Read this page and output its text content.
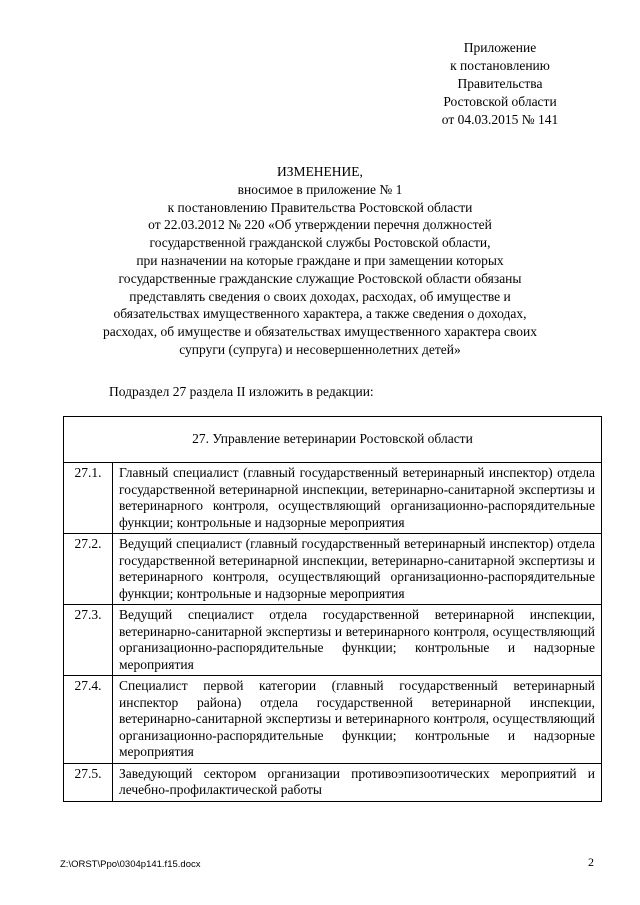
Приложение
к постановлению
Правительства
Ростовской области
от 04.03.2015 № 141
ИЗМЕНЕНИЕ,
вносимое в приложение № 1
к постановлению Правительства Ростовской области
от 22.03.2012 № 220 «Об утверждении перечня должностей
государственной гражданской службы Ростовской области,
при назначении на которые граждане и при замещении которых
государственные гражданские служащие Ростовской области обязаны
представлять сведения о своих доходах, расходах, об имуществе и
обязательствах имущественного характера, а также сведения о доходах,
расходах, об имуществе и обязательствах имущественного характера своих
супруги (супруга) и несовершеннолетних детей»
Подраздел 27 раздела II изложить в редакции:
27. Управление ветеринарии Ростовской области	
27.1.	Главный специалист (главный государственный ветеринарный инспектор) отдела государственной ветеринарной инспекции, ветеринарно-санитарной экспертизы и ветеринарного контроля, осуществляющий организационно-распорядительные функции; контрольные и надзорные мероприятия
27.2.	Ведущий специалист (главный государственный ветеринарный инспектор) отдела государственной ветеринарной инспекции, ветеринарно-санитарной экспертизы и ветеринарного контроля, осуществляющий организационно-распорядительные функции; контрольные и надзорные мероприятия
27.3.	Ведущий специалист отдела государственной ветеринарной инспекции, ветеринарно-санитарной экспертизы и ветеринарного контроля, осуществляющий организационно-распорядительные функции; контрольные и надзорные мероприятия
27.4.	Специалист первой категории (главный государственный ветеринарный инспектор района) отдела государственной ветеринарной инспекции, ветеринарно-санитарной экспертизы и ветеринарного контроля, осуществляющий организационно-распорядительные функции; контрольные и надзорные мероприятия
27.5.	Заведующий сектором организации противоэпизоотических мероприятий и лечебно-профилактической работы
Z:\ORST\Ppo\0304p141.f15.docx	2
